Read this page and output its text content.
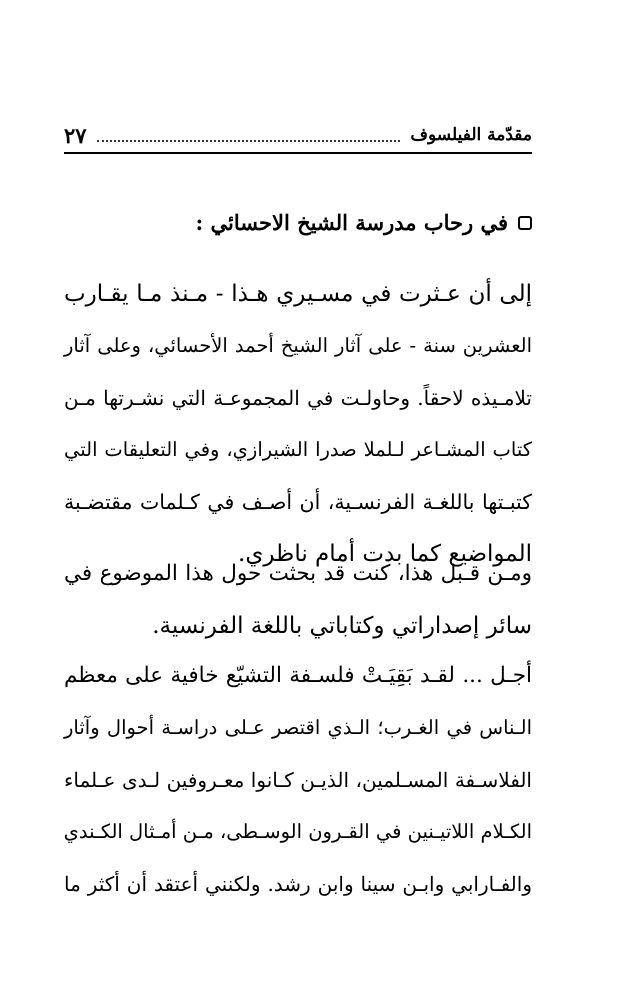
مقدّمة الفيلسوف
٢٧
في رحاب مدرسة الشيخ الاحسائي :
إلى أن عـثرت في مسـيري هـذا - مـنذ مـا يقـارب
العشرين سنة - على آثار الشيخ أحمد الأحسائي، وعلى آثار
تلامـيذه لاحقاً. وحاولـت في المجموعـة التي نشـرتها مـن
كتاب المشـاعر لـلملا صدرا الشيرازي، وفي التعليقات التي
كتبـتها باللغـة الفرنسـية، أن أصـف في كـلمات مقتضـبة
المواضيع كما بدت أمام ناظري.
ومـن قـبل هذا، كنت قد بحثت حول هذا الموضوع في
سائر إصداراتي وكتاباتي باللغة الفرنسية.
أجـل ... لقـد بَقِيَـتْ فلسـفة التشيّع خافية على معظم
الـناس في الغـرب؛ الـذي اقتصر عـلى دراسـة أحوال وآثار
الفلاسـفة المسـلمين، الذيـن كـانوا معـروفين لـدى عـلماء
الكـلام اللاتيـنين في القـرون الوسـطى، مـن أمـثال الكـندي
والفـارابي وابـن سينا وابن رشد. ولكنني أعتقد أن أكثر ما
